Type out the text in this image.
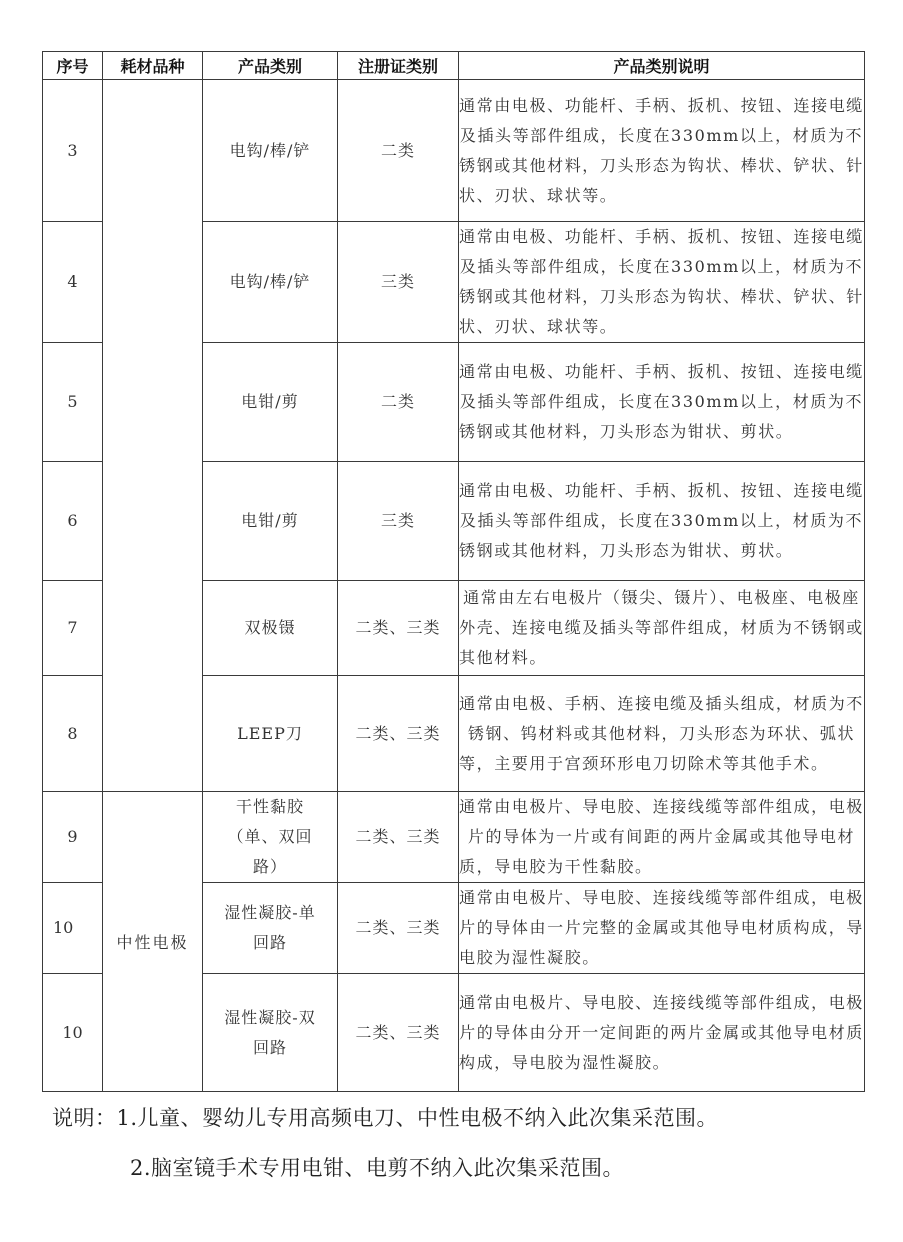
序号	耗材品种	产品类别	注册证类别	产品类别说明
3		电钩/棒/铲	二类	通常由电极、功能杆、手柄、扳机、按钮、连接电缆及插头等部件组成，长度在330mm以上，材质为不锈钢或其他材料，刀头形态为钩状、棒状、铲状、针状、刃状、球状等。
4		电钩/棒/铲	三类	通常由电极、功能杆、手柄、扳机、按钮、连接电缆及插头等部件组成，长度在330mm以上，材质为不锈钢或其他材料，刀头形态为钩状、棒状、铲状、针状、刃状、球状等。
5		电钳/剪	二类	通常由电极、功能杆、手柄、扳机、按钮、连接电缆及插头等部件组成，长度在330mm以上，材质为不锈钢或其他材料，刀头形态为钳状、剪状。
6		电钳/剪	三类	通常由电极、功能杆、手柄、扳机、按钮、连接电缆及插头等部件组成，长度在330mm以上，材质为不锈钢或其他材料，刀头形态为钳状、剪状。
7		双极镊	二类、三类	通常由左右电极片（镊尖、镊片）、电极座、电极座外壳、连接电缆及插头等部件组成，材质为不锈钢或其他材料。
8		LEEP刀	二类、三类	通常由电极、手柄、连接电缆及插头组成，材质为不锈钢、钨材料或其他材料，刀头形态为环状、弧状等，主要用于宫颈环形电刀切除术等其他手术。
9	中性电极	干性黏胶（单、双回路）	二类、三类	通常由电极片、导电胶、连接线缆等部件组成，电极片的导体为一片或有间距的两片金属或其他导电材质，导电胶为干性黏胶。
10		湿性凝胶-单回路	二类、三类	通常由电极片、导电胶、连接线缆等部件组成，电极片的导体由一片完整的金属或其他导电材质构成，导电胶为湿性凝胶。
10		湿性凝胶-双回路	二类、三类	通常由电极片、导电胶、连接线缆等部件组成，电极片的导体由分开一定间距的两片金属或其他导电材质构成，导电胶为湿性凝胶。
说明：1.儿童、婴幼儿专用高频电刀、中性电极不纳入此次集采范围。
2.脑室镜手术专用电钳、电剪不纳入此次集采范围。
